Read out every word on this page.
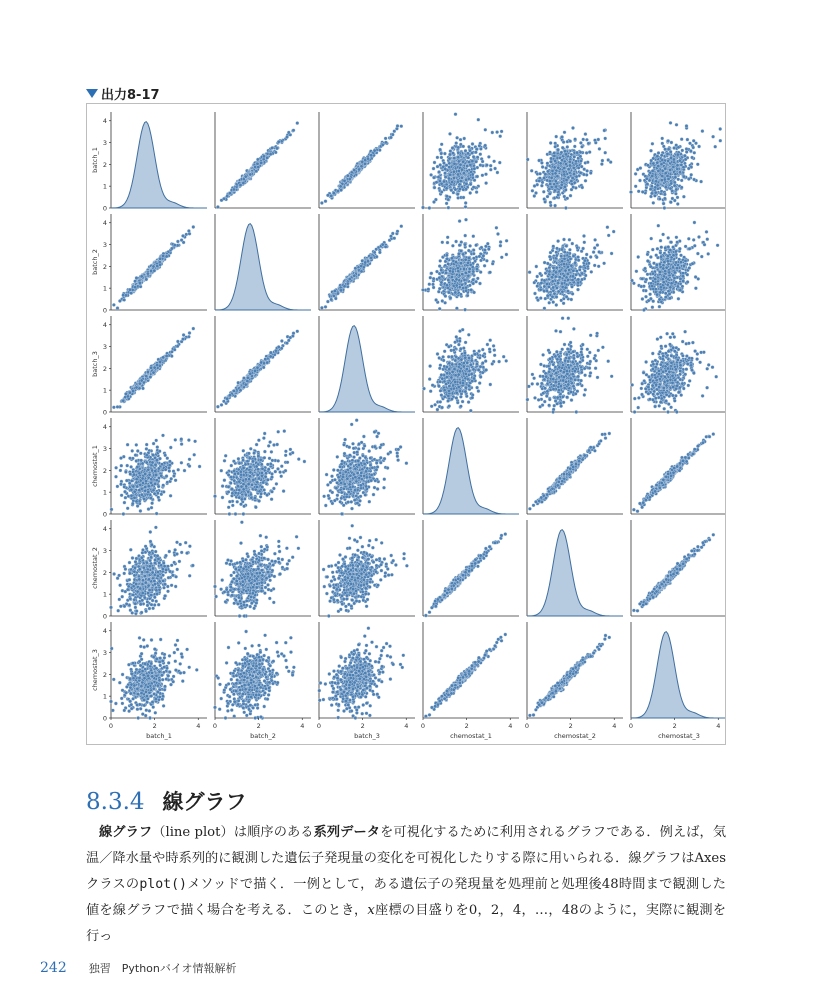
出力8-17
0
1
2
3
4
batch_1
0
1
2
3
4
batch_2
0
1
2
3
4
batch_3
0
1
2
3
4
chemostat_1
0
1
2
3
4
chemostat_2
0
1
2
3
4
chemostat_3
0	2	4
batch_1
0	2	4
batch_2
0	2	4
batch_3
0	2	4
chemostat_1
0	2	4
chemostat_2
0	2	4
chemostat_3
8.3.4 線グラフ

線グラフ（line plot）は順序のある系列データを可視化するために利用されるグラフである．例えば，気温／降水量や時系列的に観測した遺伝子発現量の変化を可視化したりする際に用いられる．線グラフはAxesクラスのplot()メソッドで描く．一例として，ある遺伝子の発現量を処理前と処理後48時間まで観測した値を線グラフで描く場合を考える．このとき，x座標の目盛りを0，2，4，…，48のように，実際に観測を行っ

242 独習　Pythonバイオ情報解析
